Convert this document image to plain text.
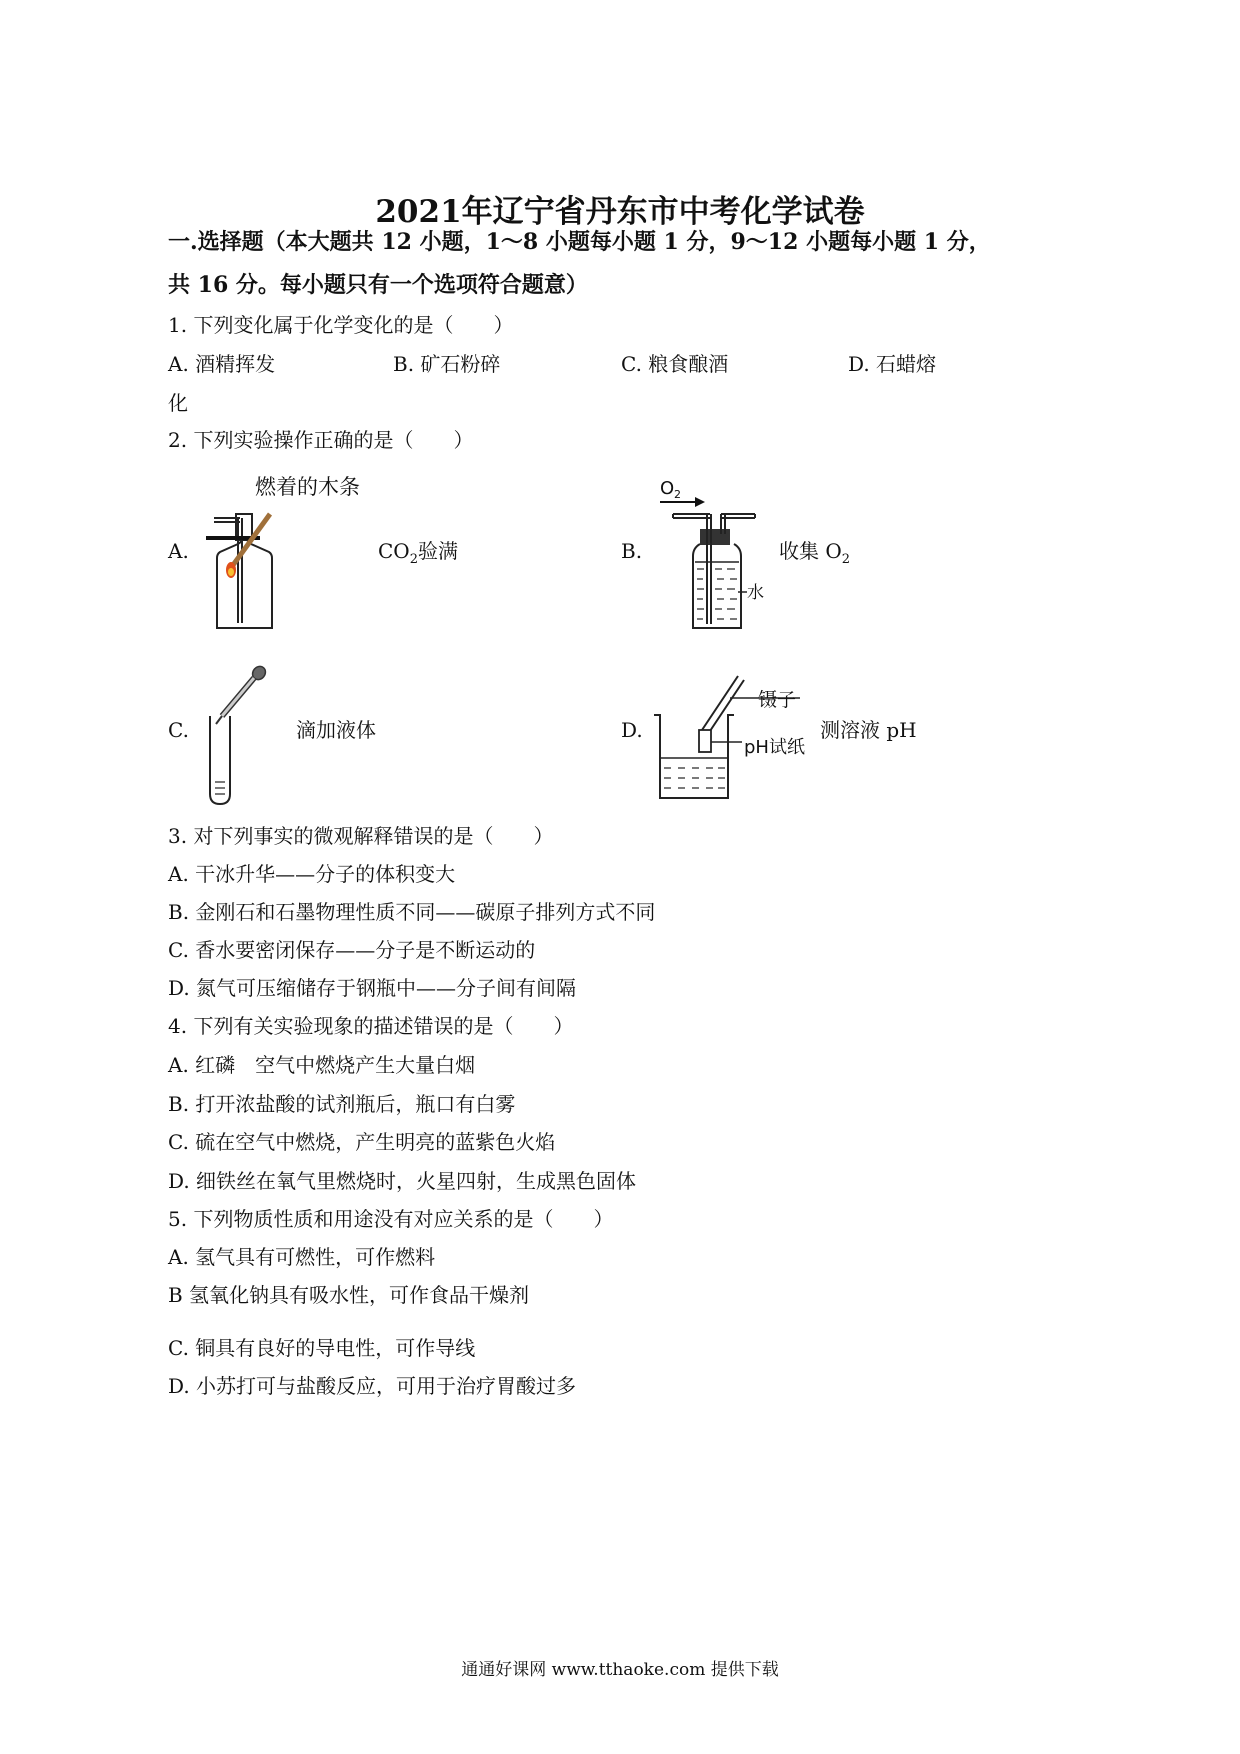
2021年辽宁省丹东市中考化学试卷
一.选择题（本大题共 12 小题，1～8 小题每小题 1 分，9～12 小题每小题 1 分，
共 16 分。每小题只有一个选项符合题意）
1. 下列变化属于化学变化的是（　　）
A. 酒精挥发	B. 矿石粉碎	C. 粮食酿酒	D. 石蜡熔
化
2. 下列实验操作正确的是（　　）
A.
燃着的木条
$CO_2$验满	B.
O 2
水
收集 $O_2$
C.	滴加液体	D.
镊子
pH试纸
测溶液 pH
3. 对下列事实的微观解释错误的是（　　）
A. 干冰升华——分子的体积变大
B. 金刚石和石墨物理性质不同——碳原子排列方式不同
C. 香水要密闭保存——分子是不断运动的
D. 氮气可压缩储存于钢瓶中——分子间有间隔
4. 下列有关实验现象的描述错误的是（　　）
A. 红磷　空气中燃烧产生大量白烟
B. 打开浓盐酸的试剂瓶后，瓶口有白雾
C. 硫在空气中燃烧，产生明亮的蓝紫色火焰
D. 细铁丝在氧气里燃烧时，火星四射，生成黑色固体
5. 下列物质性质和用途没有对应关系的是（　　）
A. 氢气具有可燃性，可作燃料
B 氢氧化钠具有吸水性，可作食品干燥剂
C. 铜具有良好的导电性，可作导线
D. 小苏打可与盐酸反应，可用于治疗胃酸过多
通通好课网 www.tthaoke.com 提供下载
